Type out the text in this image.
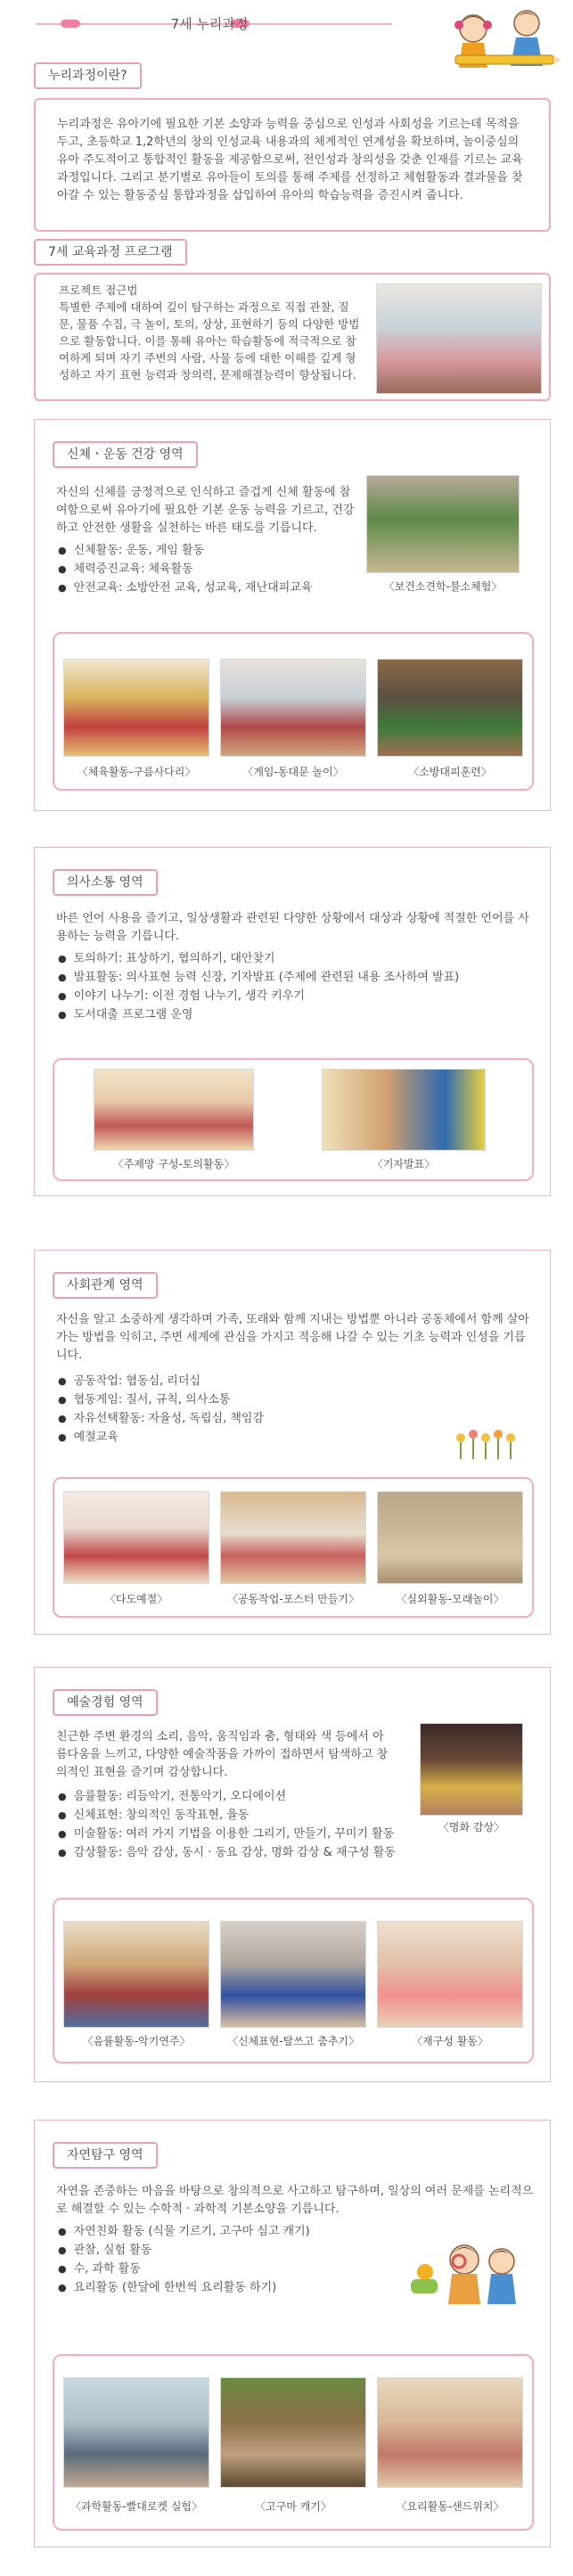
7세 누리과정
누리과정이란?
누리과정은 유아기에 필요한 기본 소양과 능력을 중심으로 인성과 사회성을 기르는데 목적을 두고, 초등학교 1,2학년의 창의 인성교육 내용과의 체계적인 연계성을 확보하며, 놀이중심의 유아 주도적이고 통합적인 활동을 제공함으로써, 전인성과 창의성을 갖춘 인재를 기르는 교육과정입니다. 그리고 분기별로 유아들이 토의를 통해 주제를 선정하고 체험활동과 결과물을 찾아갈 수 있는 활동중심 통합과정을 삽입하여 유아의 학습능력을 증진시켜 줍니다.
7세 교육과정 프로그램
프로젝트 접근법
특별한 주제에 대하여 깊이 탐구하는 과정으로 직접 관찰, 질문, 물품 수집, 극 놀이, 토의, 상상, 표현하기 등의 다양한 방법으로 활동합니다. 이를 통해 유아는 학습활동에 적극적으로 참여하게 되며 자기 주변의 사람, 사물 등에 대한 이해를 깊게 형성하고 자기 표현 능력과 창의력, 문제해결능력이 향상됩니다.
신체ㆍ운동 건강 영역
자신의 신체를 긍정적으로 인식하고 즐겁게 신체 활동에 참여함으로써 유아기에 필요한 기본 운동 능력을 기르고, 건강하고 안전한 생활을 실천하는 바른 태도를 기릅니다.
● 신체활동: 운동, 게임 활동
● 체력증진교육: 체육활동
● 안전교육: 소방안전 교육, 성교육, 재난대피교육	〈보건소견학-불소체험〉
〈체육활동-구름사다리〉	〈게임-동대문 놀이〉	〈소방대피훈련〉
의사소통 영역
바른 언어 사용을 즐기고, 일상생활과 관련된 다양한 상황에서 대상과 상황에 적절한 언어를 사용하는 능력을 기릅니다.
● 토의하기: 표상하기, 협의하기, 대안찾기
● 발표활동: 의사표현 능력 신장, 기자발표 (주제에 관련된 내용 조사하여 발표)
● 이야기 나누기: 이전 경험 나누기, 생각 키우기
● 도서대출 프로그램 운영
〈주제망 구성-토의활동〉	〈기자발표〉
사회관계 영역
자신을 알고 소중하게 생각하며 가족, 또래와 함께 지내는 방법뿐 아니라 공동체에서 함께 살아가는 방법을 익히고, 주변 세계에 관심을 가지고 적응해 나갈 수 있는 기초 능력과 인성을 기릅니다.
● 공동작업: 협동심, 리더십
● 협동게임: 질서, 규칙, 의사소통
● 자유선택활동: 자율성, 독립심, 책임감
● 예절교육
〈다도예절〉	〈공동작업-포스터 만들기〉	〈실외활동-모래놀이〉
예술경험 영역
친근한 주변 환경의 소리, 음악, 움직임과 춤, 형태와 색 등에서 아름다움을 느끼고, 다양한 예술작품을 가까이 접하면서 탐색하고 창의적인 표현을 즐기며 감상합니다.
● 음률활동: 리듬악기, 전통악기, 오디에이션
● 신체표현: 창의적인 동작표현, 율동
● 미술활동: 여러 가지 기법을 이용한 그리기, 만들기, 꾸미기 활동
● 감상활동: 음악 감상, 동시 · 동요 감상, 명화 감상 & 재구성 활동
〈명화 감상〉
〈음률활동-악기연주〉	〈신체표현-탈쓰고 춤추기〉	〈재구성 활동〉
자연탐구 영역
자연을 존중하는 마음을 바탕으로 창의적으로 사고하고 탐구하며, 일상의 여러 문제를 논리적으로 해결할 수 있는 수학적 · 과학적 기본소양을 기릅니다.
● 자연친화 활동 (식물 기르기, 고구마 심고 캐기)
● 관찰, 실험 활동
● 수, 과학 활동
● 요리활동 (한달에 한번씩 요리활동 하기)
〈과학활동-빨대로켓 실험〉	〈고구마 캐기〉	〈요리활동-샌드위치〉
